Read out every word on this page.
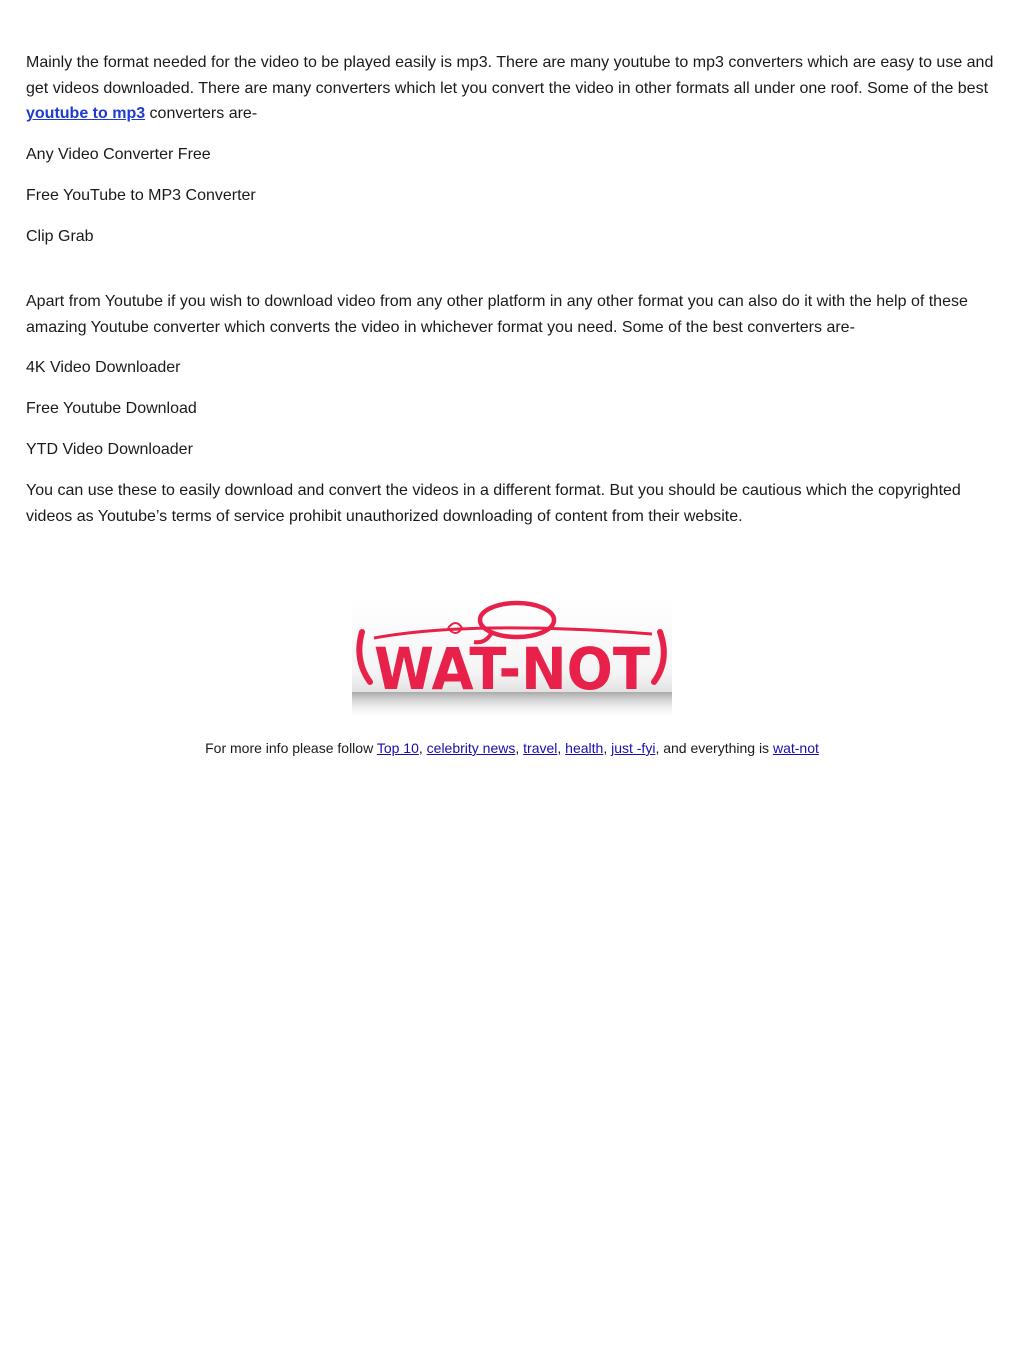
Mainly the format needed for the video to be played easily is mp3. There are many youtube to mp3 converters which are easy to use and get videos downloaded. There are many converters which let you convert the video in other formats all under one roof. Some of the best youtube to mp3 converters are-

Any Video Converter Free

Free YouTube to MP3 Converter

Clip Grab

Apart from Youtube if you wish to download video from any other platform in any other format you can also do it with the help of these amazing Youtube converter which converts the video in whichever format you need. Some of the best converters are-

4K Video Downloader

Free Youtube Download

YTD Video Downloader

You can use these to easily download and convert the videos in a different format. But you should be cautious which the copyrighted videos as Youtube’s terms of service prohibit unauthorized downloading of content from their website.

WAT-NOT
For more info please follow Top 10, celebrity news, travel, health, just -fyi, and everything is wat-not
